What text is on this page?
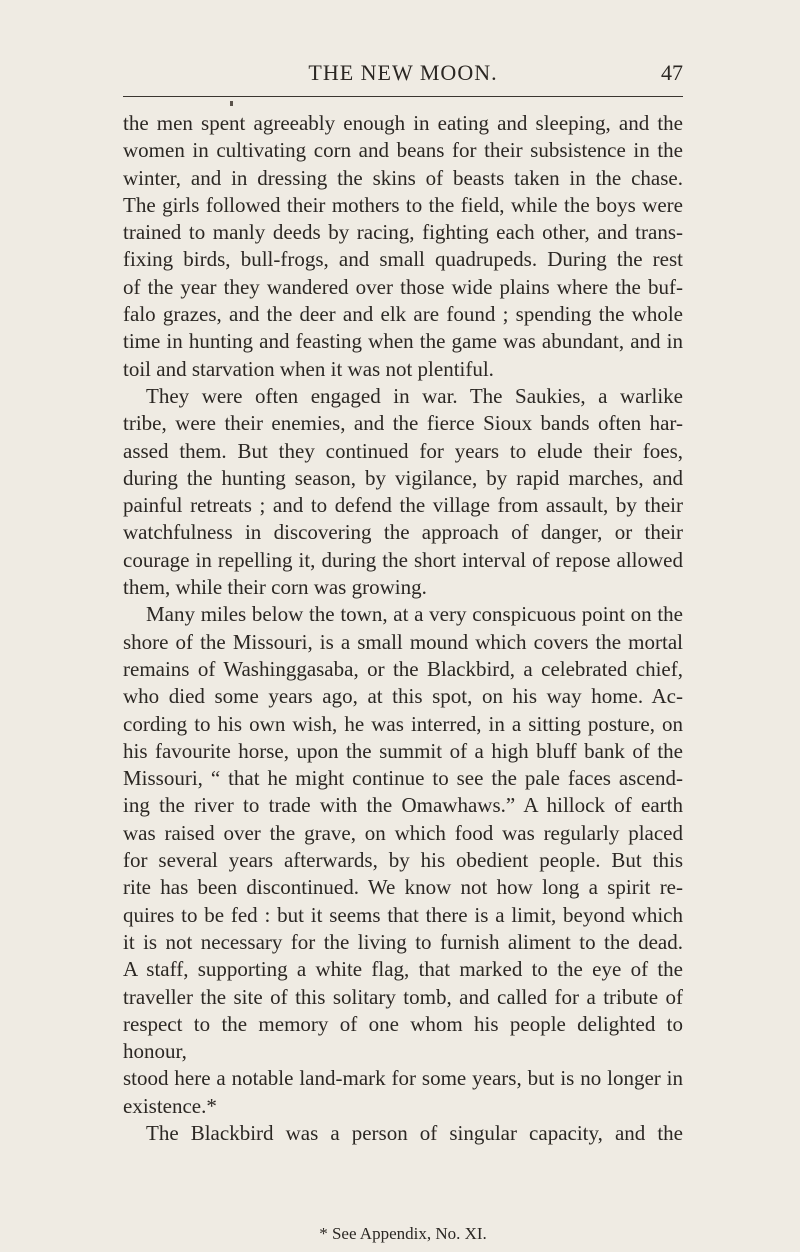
THE NEW MOON.	47
the men spent agreeably enough in eating and sleeping, and the
women in cultivating corn and beans for their subsistence in the
winter, and in dressing the skins of beasts taken in the chase.
The girls followed their mothers to the field, while the boys were
trained to manly deeds by racing, fighting each other, and trans-
fixing birds, bull-frogs, and small quadrupeds. During the rest
of the year they wandered over those wide plains where the buf-
falo grazes, and the deer and elk are found ; spending the whole
time in hunting and feasting when the game was abundant, and in
toil and starvation when it was not plentiful.
They were often engaged in war. The Saukies, a warlike
tribe, were their enemies, and the fierce Sioux bands often har-
assed them. But they continued for years to elude their foes,
during the hunting season, by vigilance, by rapid marches, and
painful retreats ; and to defend the village from assault, by their
watchfulness in discovering the approach of danger, or their
courage in repelling it, during the short interval of repose allowed
them, while their corn was growing.
Many miles below the town, at a very conspicuous point on the
shore of the Missouri, is a small mound which covers the mortal
remains of Washinggasaba, or the Blackbird, a celebrated chief,
who died some years ago, at this spot, on his way home. Ac-
cording to his own wish, he was interred, in a sitting posture, on
his favourite horse, upon the summit of a high bluff bank of the
Missouri, “ that he might continue to see the pale faces ascend-
ing the river to trade with the Omawhaws.” A hillock of earth
was raised over the grave, on which food was regularly placed
for several years afterwards, by his obedient people. But this
rite has been discontinued. We know not how long a spirit re-
quires to be fed : but it seems that there is a limit, beyond which
it is not necessary for the living to furnish aliment to the dead.
A staff, supporting a white flag, that marked to the eye of the
traveller the site of this solitary tomb, and called for a tribute of
respect to the memory of one whom his people delighted to honour,
stood here a notable land-mark for some years, but is no longer in
existence.*
The Blackbird was a person of singular capacity, and the
* See Appendix, No. XI.
